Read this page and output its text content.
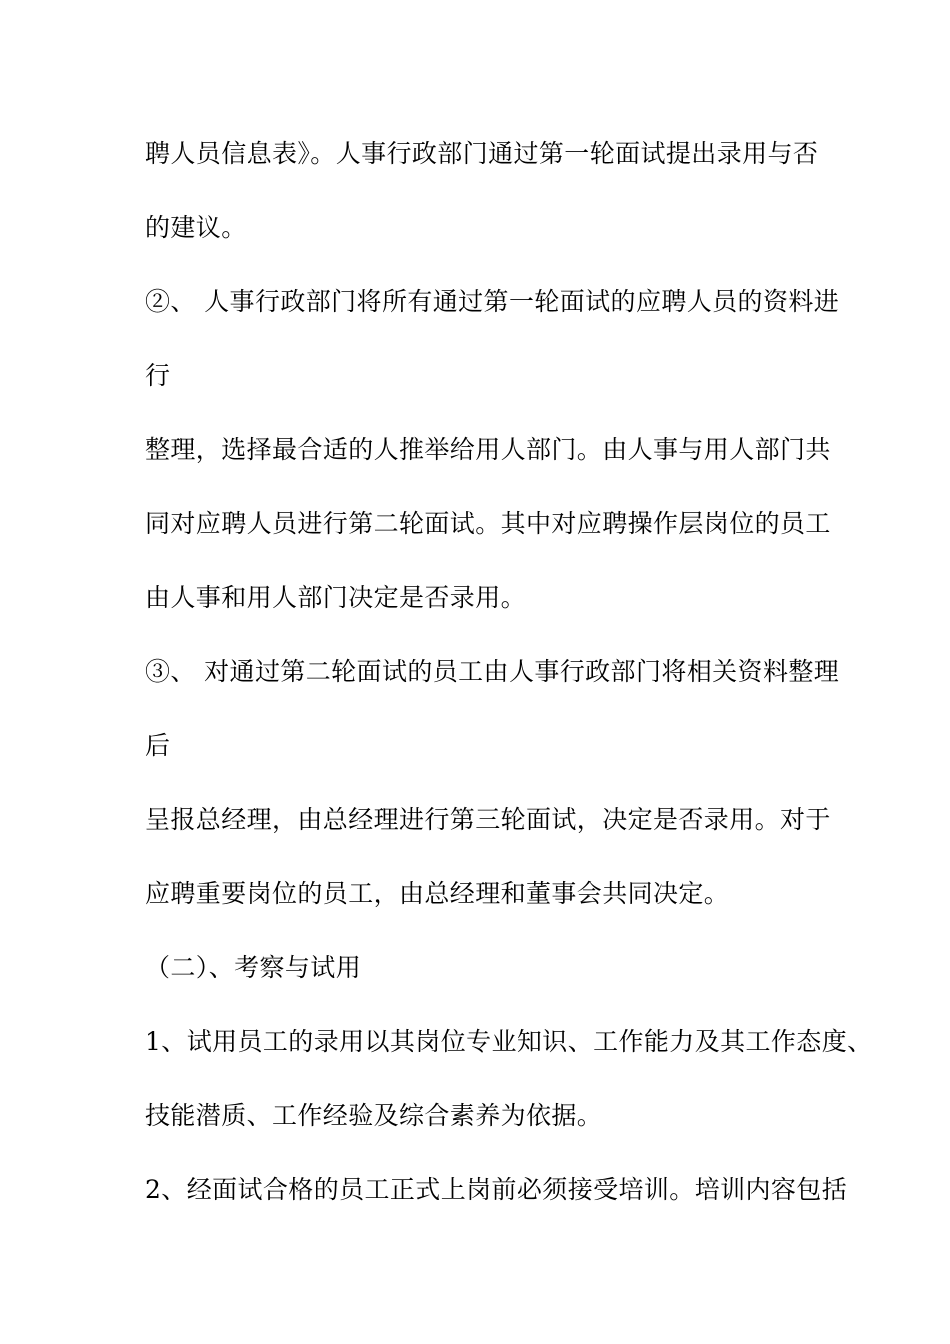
聘人员信息表》。人事行政部门通过第一轮面试提出录用与否

的建议。

②、 人事行政部门将所有通过第一轮面试的应聘人员的资料进

行

整理，选择最合适的人推举给用人部门。由人事与用人部门共

同对应聘人员进行第二轮面试。其中对应聘操作层岗位的员工

由人事和用人部门决定是否录用。

③、 对通过第二轮面试的员工由人事行政部门将相关资料整理

后

呈报总经理，由总经理进行第三轮面试，决定是否录用。对于

应聘重要岗位的员工，由总经理和董事会共同决定。

（二）、考察与试用

1、试用员工的录用以其岗位专业知识、工作能力及其工作态度、

技能潜质、工作经验及综合素养为依据。

2、经面试合格的员工正式上岗前必须接受培训。培训内容包括
